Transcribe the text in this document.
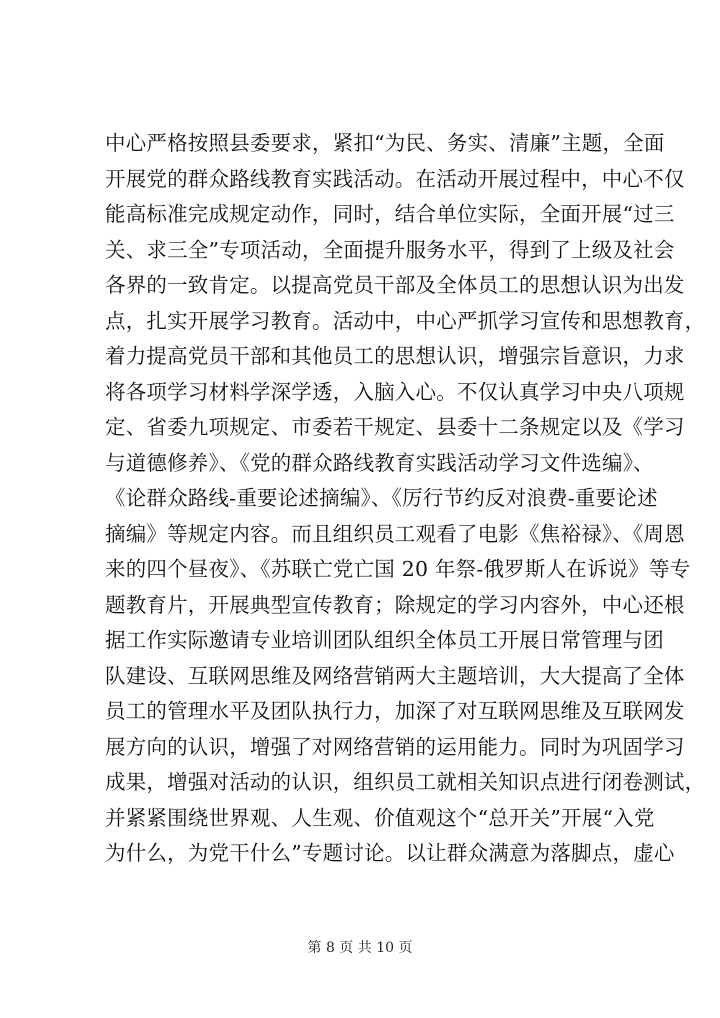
中心严格按照县委要求，紧扣“为民、务实、清廉”主题，全面
开展党的群众路线教育实践活动。在活动开展过程中，中心不仅
能高标准完成规定动作，同时，结合单位实际，全面开展“过三
关、求三全”专项活动，全面提升服务水平，得到了上级及社会
各界的一致肯定。以提高党员干部及全体员工的思想认识为出发
点，扎实开展学习教育。活动中，中心严抓学习宣传和思想教育，
着力提高党员干部和其他员工的思想认识，增强宗旨意识，力求
将各项学习材料学深学透，入脑入心。不仅认真学习中央八项规
定、省委九项规定、市委若干规定、县委十二条规定以及《学习
与道德修养》、《党的群众路线教育实践活动学习文件选编》、
《论群众路线-重要论述摘编》、《厉行节约反对浪费-重要论述
摘编》等规定内容。而且组织员工观看了电影《焦裕禄》、《周恩
来的四个昼夜》、《苏联亡党亡国 20 年祭-俄罗斯人在诉说》等专
题教育片，开展典型宣传教育；除规定的学习内容外，中心还根
据工作实际邀请专业培训团队组织全体员工开展日常管理与团
队建设、互联网思维及网络营销两大主题培训，大大提高了全体
员工的管理水平及团队执行力，加深了对互联网思维及互联网发
展方向的认识，增强了对网络营销的运用能力。同时为巩固学习
成果，增强对活动的认识，组织员工就相关知识点进行闭卷测试，
并紧紧围绕世界观、人生观、价值观这个“总开关”开展“入党
为什么，为党干什么”专题讨论。以让群众满意为落脚点，虚心
第 8 页 共 10 页
